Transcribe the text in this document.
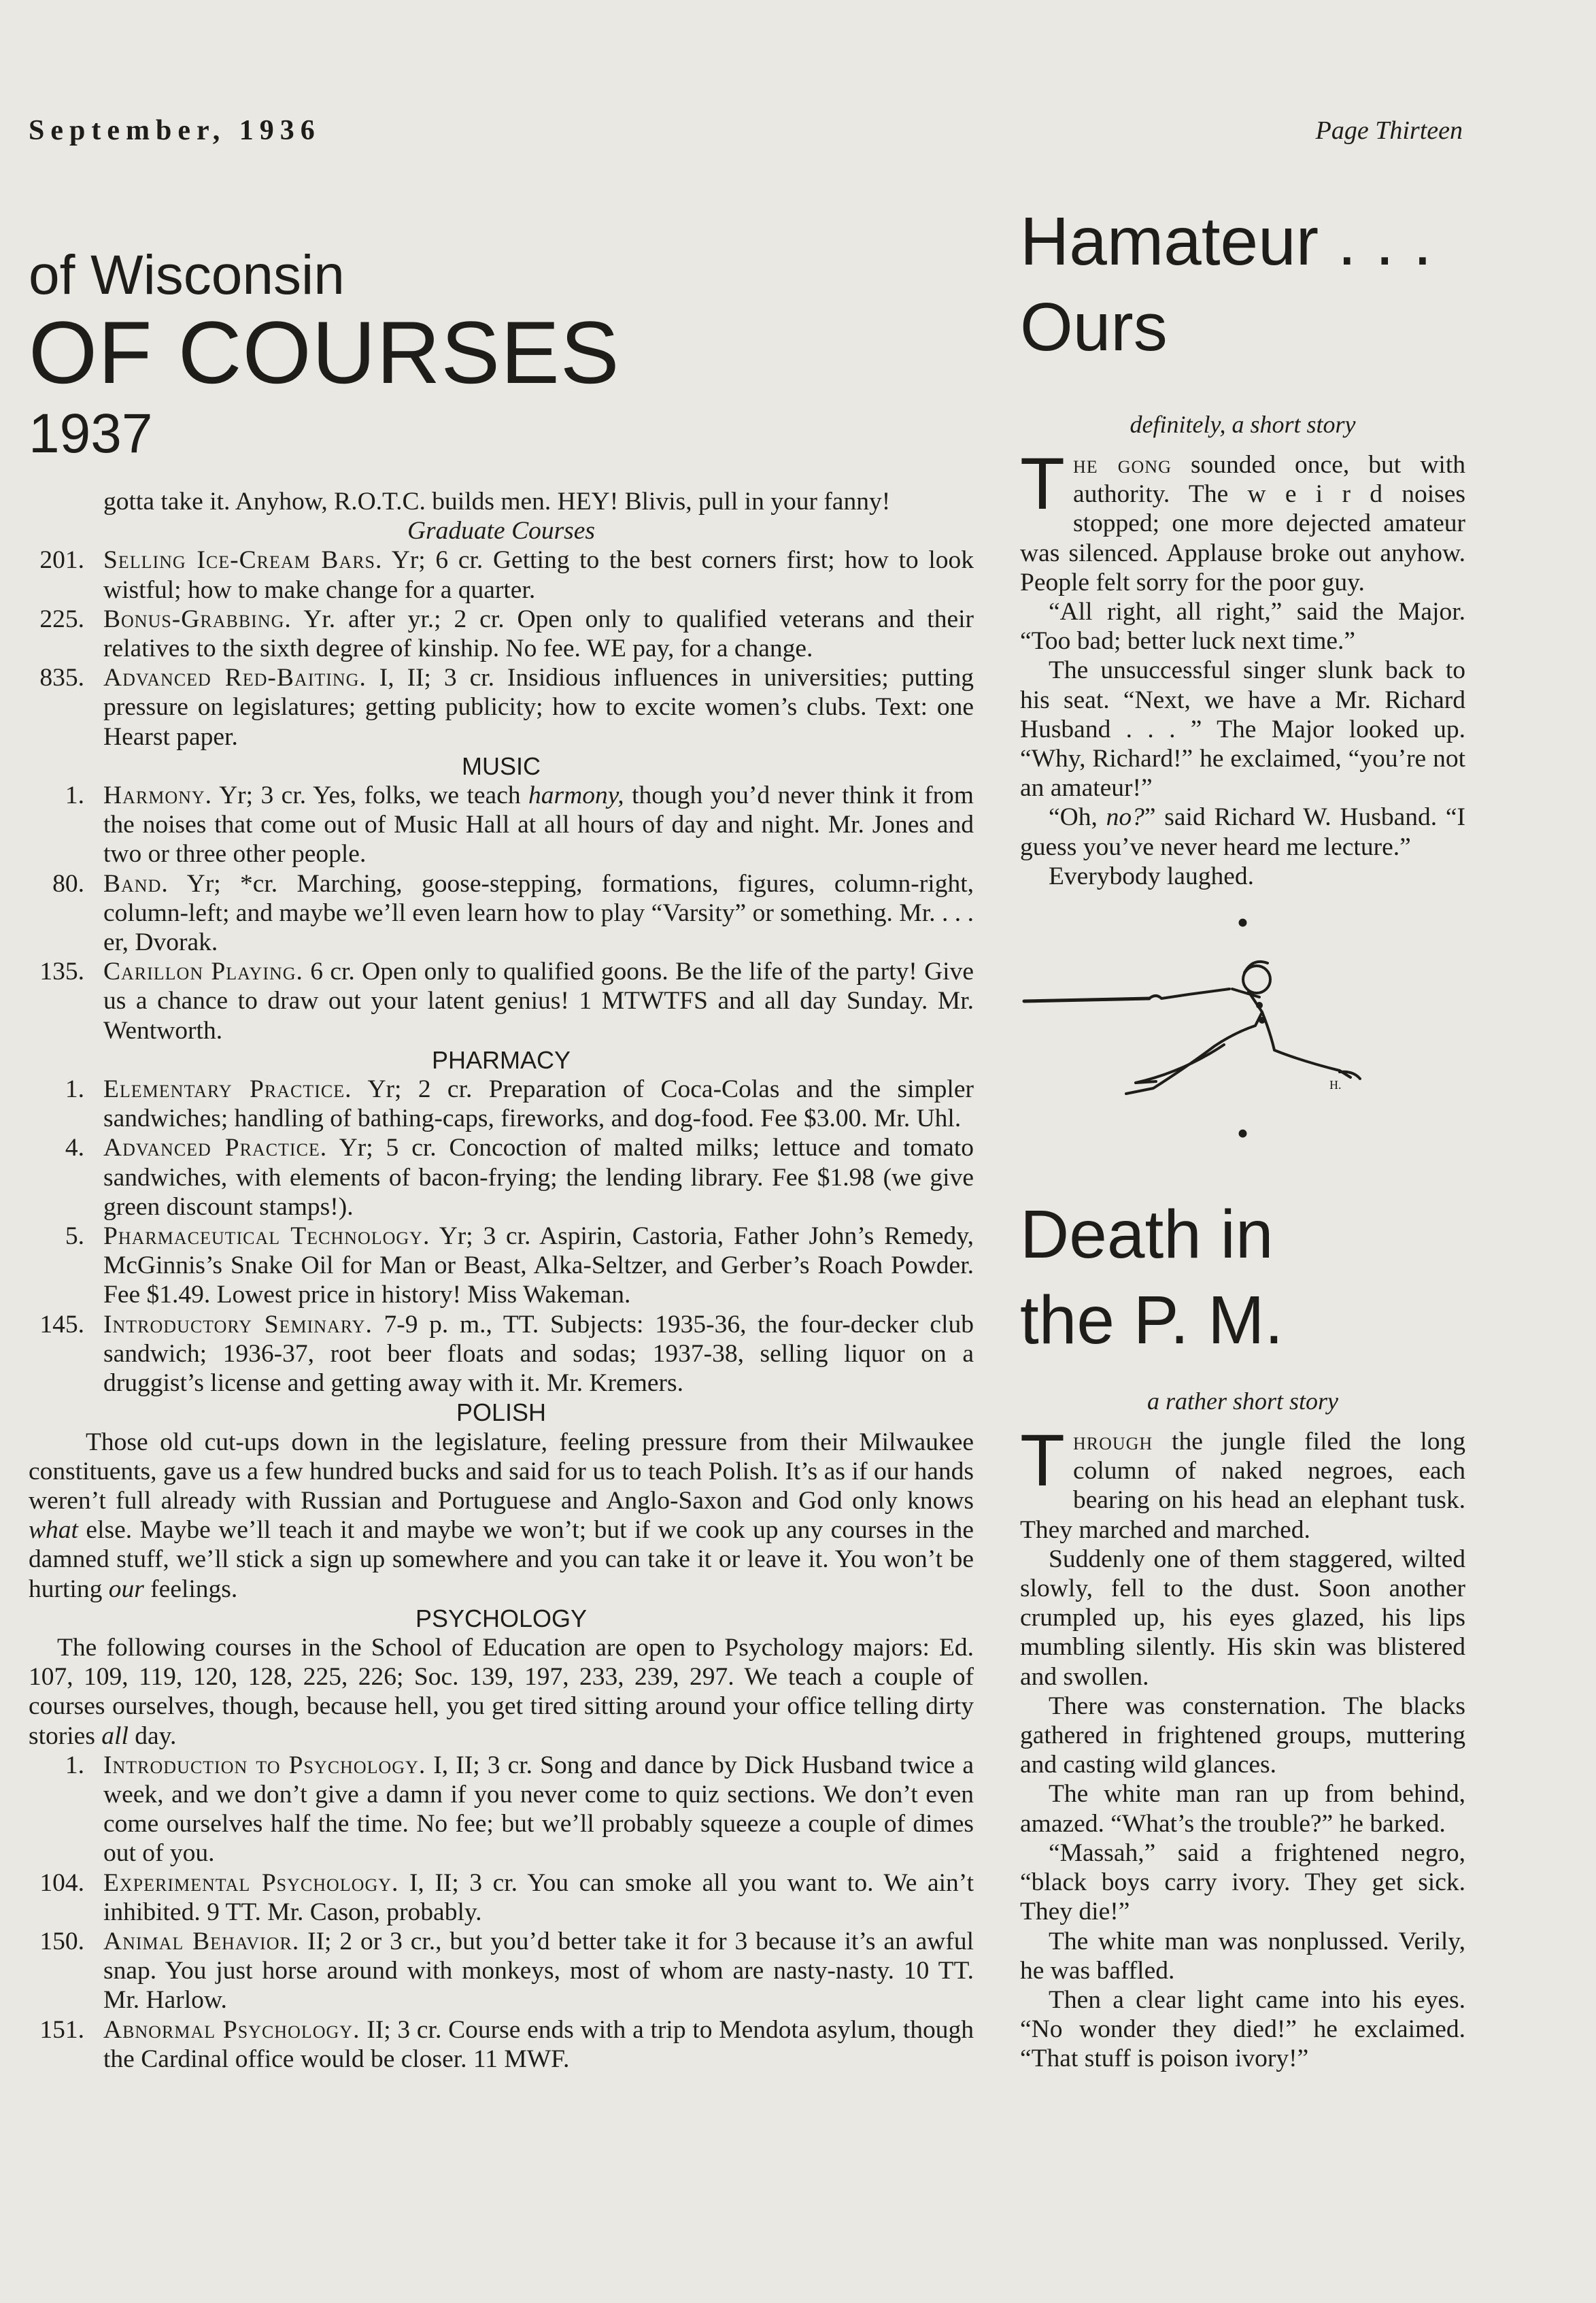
September, 1936	Page Thirteen
of Wisconsin
OF COURSES
1937
gotta take it. Anyhow, R.O.T.C. builds men. HEY! Blivis, pull in your fanny!
Graduate Courses
201. Selling Ice-Cream Bars. Yr; 6 cr. Getting to the best corners first; how to look wistful; how to make change for a quarter.
225. Bonus-Grabbing. Yr. after yr.; 2 cr. Open only to qualified veterans and their relatives to the sixth degree of kinship. No fee. WE pay, for a change.
835. Advanced Red-Baiting. I, II; 3 cr. Insidious influences in universities; putting pressure on legislatures; getting publicity; how to excite women’s clubs. Text: one Hearst paper.
MUSIC
1. Harmony. Yr; 3 cr. Yes, folks, we teach harmony, though you’d never think it from the noises that come out of Music Hall at all hours of day and night. Mr. Jones and two or three other people.
80. Band. Yr; *cr. Marching, goose-stepping, formations, figures, column-right, column-left; and maybe we’ll even learn how to play “Varsity” or something. Mr. . . . er, Dvorak.
135. Carillon Playing. 6 cr. Open only to qualified goons. Be the life of the party! Give us a chance to draw out your latent genius! 1 MTWTFS and all day Sunday. Mr. Wentworth.
PHARMACY
1. Elementary Practice. Yr; 2 cr. Preparation of Coca-Colas and the simpler sandwiches; handling of bathing-caps, fireworks, and dog-food. Fee $3.00. Mr. Uhl.
4. Advanced Practice. Yr; 5 cr. Concoction of malted milks; lettuce and tomato sandwiches, with elements of bacon-frying; the lending library. Fee $1.98 (we give green discount stamps!).
5. Pharmaceutical Technology. Yr; 3 cr. Aspirin, Castoria, Father John’s Remedy, McGinnis’s Snake Oil for Man or Beast, Alka-Seltzer, and Gerber’s Roach Powder. Fee $1.49. Lowest price in history! Miss Wakeman.
145. Introductory Seminary. 7-9 p. m., TT. Subjects: 1935-36, the four-decker club sandwich; 1936-37, root beer floats and sodas; 1937-38, selling liquor on a druggist’s license and getting away with it. Mr. Kremers.
POLISH
Those old cut-ups down in the legislature, feeling pressure from their Milwaukee constituents, gave us a few hundred bucks and said for us to teach Polish. It’s as if our hands weren’t full already with Russian and Portuguese and Anglo-Saxon and God only knows what else. Maybe we’ll teach it and maybe we won’t; but if we cook up any courses in the damned stuff, we’ll stick a sign up somewhere and you can take it or leave it. You won’t be hurting our feelings.
PSYCHOLOGY
The following courses in the School of Education are open to Psychology majors: Ed. 107, 109, 119, 120, 128, 225, 226; Soc. 139, 197, 233, 239, 297. We teach a couple of courses ourselves, though, because hell, you get tired sitting around your office telling dirty stories all day.
1. Introduction to Psychology. I, II; 3 cr. Song and dance by Dick Husband twice a week, and we don’t give a damn if you never come to quiz sections. We don’t even come ourselves half the time. No fee; but we’ll probably squeeze a couple of dimes out of you.
104. Experimental Psychology. I, II; 3 cr. You can smoke all you want to. We ain’t inhibited. 9 TT. Mr. Cason, probably.
150. Animal Behavior. II; 2 or 3 cr., but you’d better take it for 3 because it’s an awful snap. You just horse around with monkeys, most of whom are nasty-nasty. 10 TT. Mr. Harlow.
151. Abnormal Psychology. II; 3 cr. Course ends with a trip to Mendota asylum, though the Cardinal office would be closer. 11 MWF.
Hamateur . . .
Ours
definitely, a short story

The gong sounded once, but with authority. The w e i r d noises stopped; one more dejected amateur was silenced. Applause broke out anyhow. People felt sorry for the poor guy.

“All right, all right,” said the Major. “Too bad; better luck next time.”

The unsuccessful singer slunk back to his seat. “Next, we have a Mr. Richard Husband . . . ” The Major looked up. “Why, Richard!” he exclaimed, “you’re not an amateur!”

“Oh, no?” said Richard W. Husband. “I guess you’ve never heard me lecture.”

Everybody laughed.

•
H.
•
Death in
the P. M.
a rather short story

Through the jungle filed the long column of naked negroes, each bearing on his head an elephant tusk. They marched and marched.

Suddenly one of them staggered, wilted slowly, fell to the dust. Soon another crumpled up, his eyes glazed, his lips mumbling silently. His skin was blistered and swollen.

There was consternation. The blacks gathered in frightened groups, muttering and casting wild glances.

The white man ran up from behind, amazed. “What’s the trouble?” he barked.

“Massah,” said a frightened negro, “black boys carry ivory. They get sick. They die!”

The white man was nonplussed. Verily, he was baffled.

Then a clear light came into his eyes. “No wonder they died!” he exclaimed. “That stuff is poison ivory!”
